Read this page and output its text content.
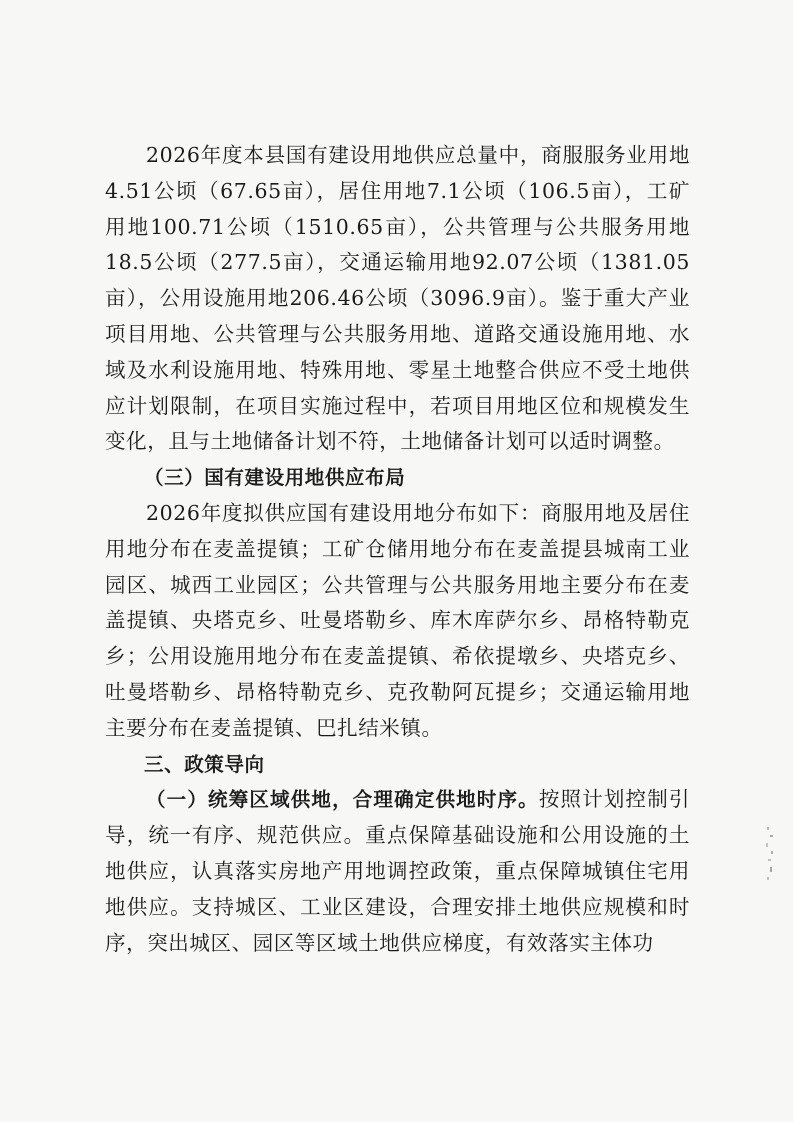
2026年度本县国有建设用地供应总量中，商服服务业用地4.51公顷（67.65亩），居住用地7.1公顷（106.5亩），工矿用地100.71公顷（1510.65亩），公共管理与公共服务用地18.5公顷（277.5亩），交通运输用地92.07公顷（1381.05亩），公用设施用地206.46公顷（3096.9亩）。鉴于重大产业项目用地、公共管理与公共服务用地、道路交通设施用地、水域及水利设施用地、特殊用地、零星土地整合供应不受土地供应计划限制，在项目实施过程中，若项目用地区位和规模发生变化，且与土地储备计划不符，土地储备计划可以适时调整。

（三）国有建设用地供应布局

2026年度拟供应国有建设用地分布如下：商服用地及居住用地分布在麦盖提镇；工矿仓储用地分布在麦盖提县城南工业园区、城西工业园区；公共管理与公共服务用地主要分布在麦盖提镇、央塔克乡、吐曼塔勒乡、库木库萨尔乡、昂格特勒克乡；公用设施用地分布在麦盖提镇、希依提墩乡、央塔克乡、吐曼塔勒乡、昂格特勒克乡、克孜勒阿瓦提乡；交通运输用地主要分布在麦盖提镇、巴扎结米镇。

三、政策导向

（一）统筹区域供地，合理确定供地时序。按照计划控制引导，统一有序、规范供应。重点保障基础设施和公用设施的土地供应，认真落实房地产用地调控政策，重点保障城镇住宅用地供应。支持城区、工业区建设，合理安排土地供应规模和时序，突出城区、园区等区域土地供应梯度，有效落实主体功
